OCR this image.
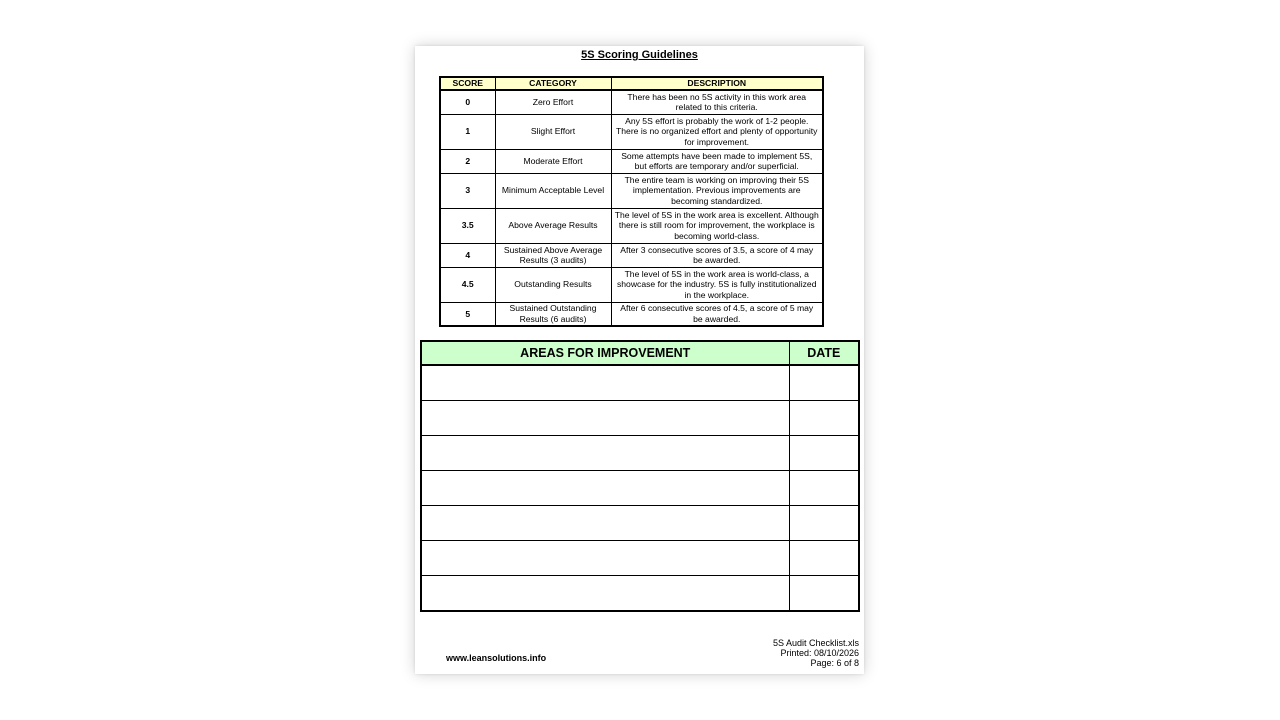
5S Scoring Guidelines
SCORE	CATEGORY	DESCRIPTION
0	Zero Effort	There has been no 5S activity in this work area related to this criteria.
1	Slight Effort	Any 5S effort is probably the work of 1-2 people. There is no organized effort and plenty of opportunity for improvement.
2	Moderate Effort	Some attempts have been made to implement 5S, but efforts are temporary and/or superficial.
3	Minimum Acceptable Level	The entire team is working on improving their 5S implementation. Previous improvements are becoming standardized.
3.5	Above Average Results	The level of 5S in the work area is excellent. Although there is still room for improvement, the workplace is becoming world-class.
4	Sustained Above Average Results (3 audits)	After 3 consecutive scores of 3.5, a score of 4 may be awarded.
4.5	Outstanding Results	The level of 5S in the work area is world-class, a showcase for the industry. 5S is fully institutionalized in the workplace.
5	Sustained Outstanding Results (6 audits)	After 6 consecutive scores of 4.5, a score of 5 may be awarded.
AREAS FOR IMPROVEMENT	DATE

www.leansolutions.info
5S Audit Checklist.xls
Printed: 08/10/2026
Page: 6 of 8
